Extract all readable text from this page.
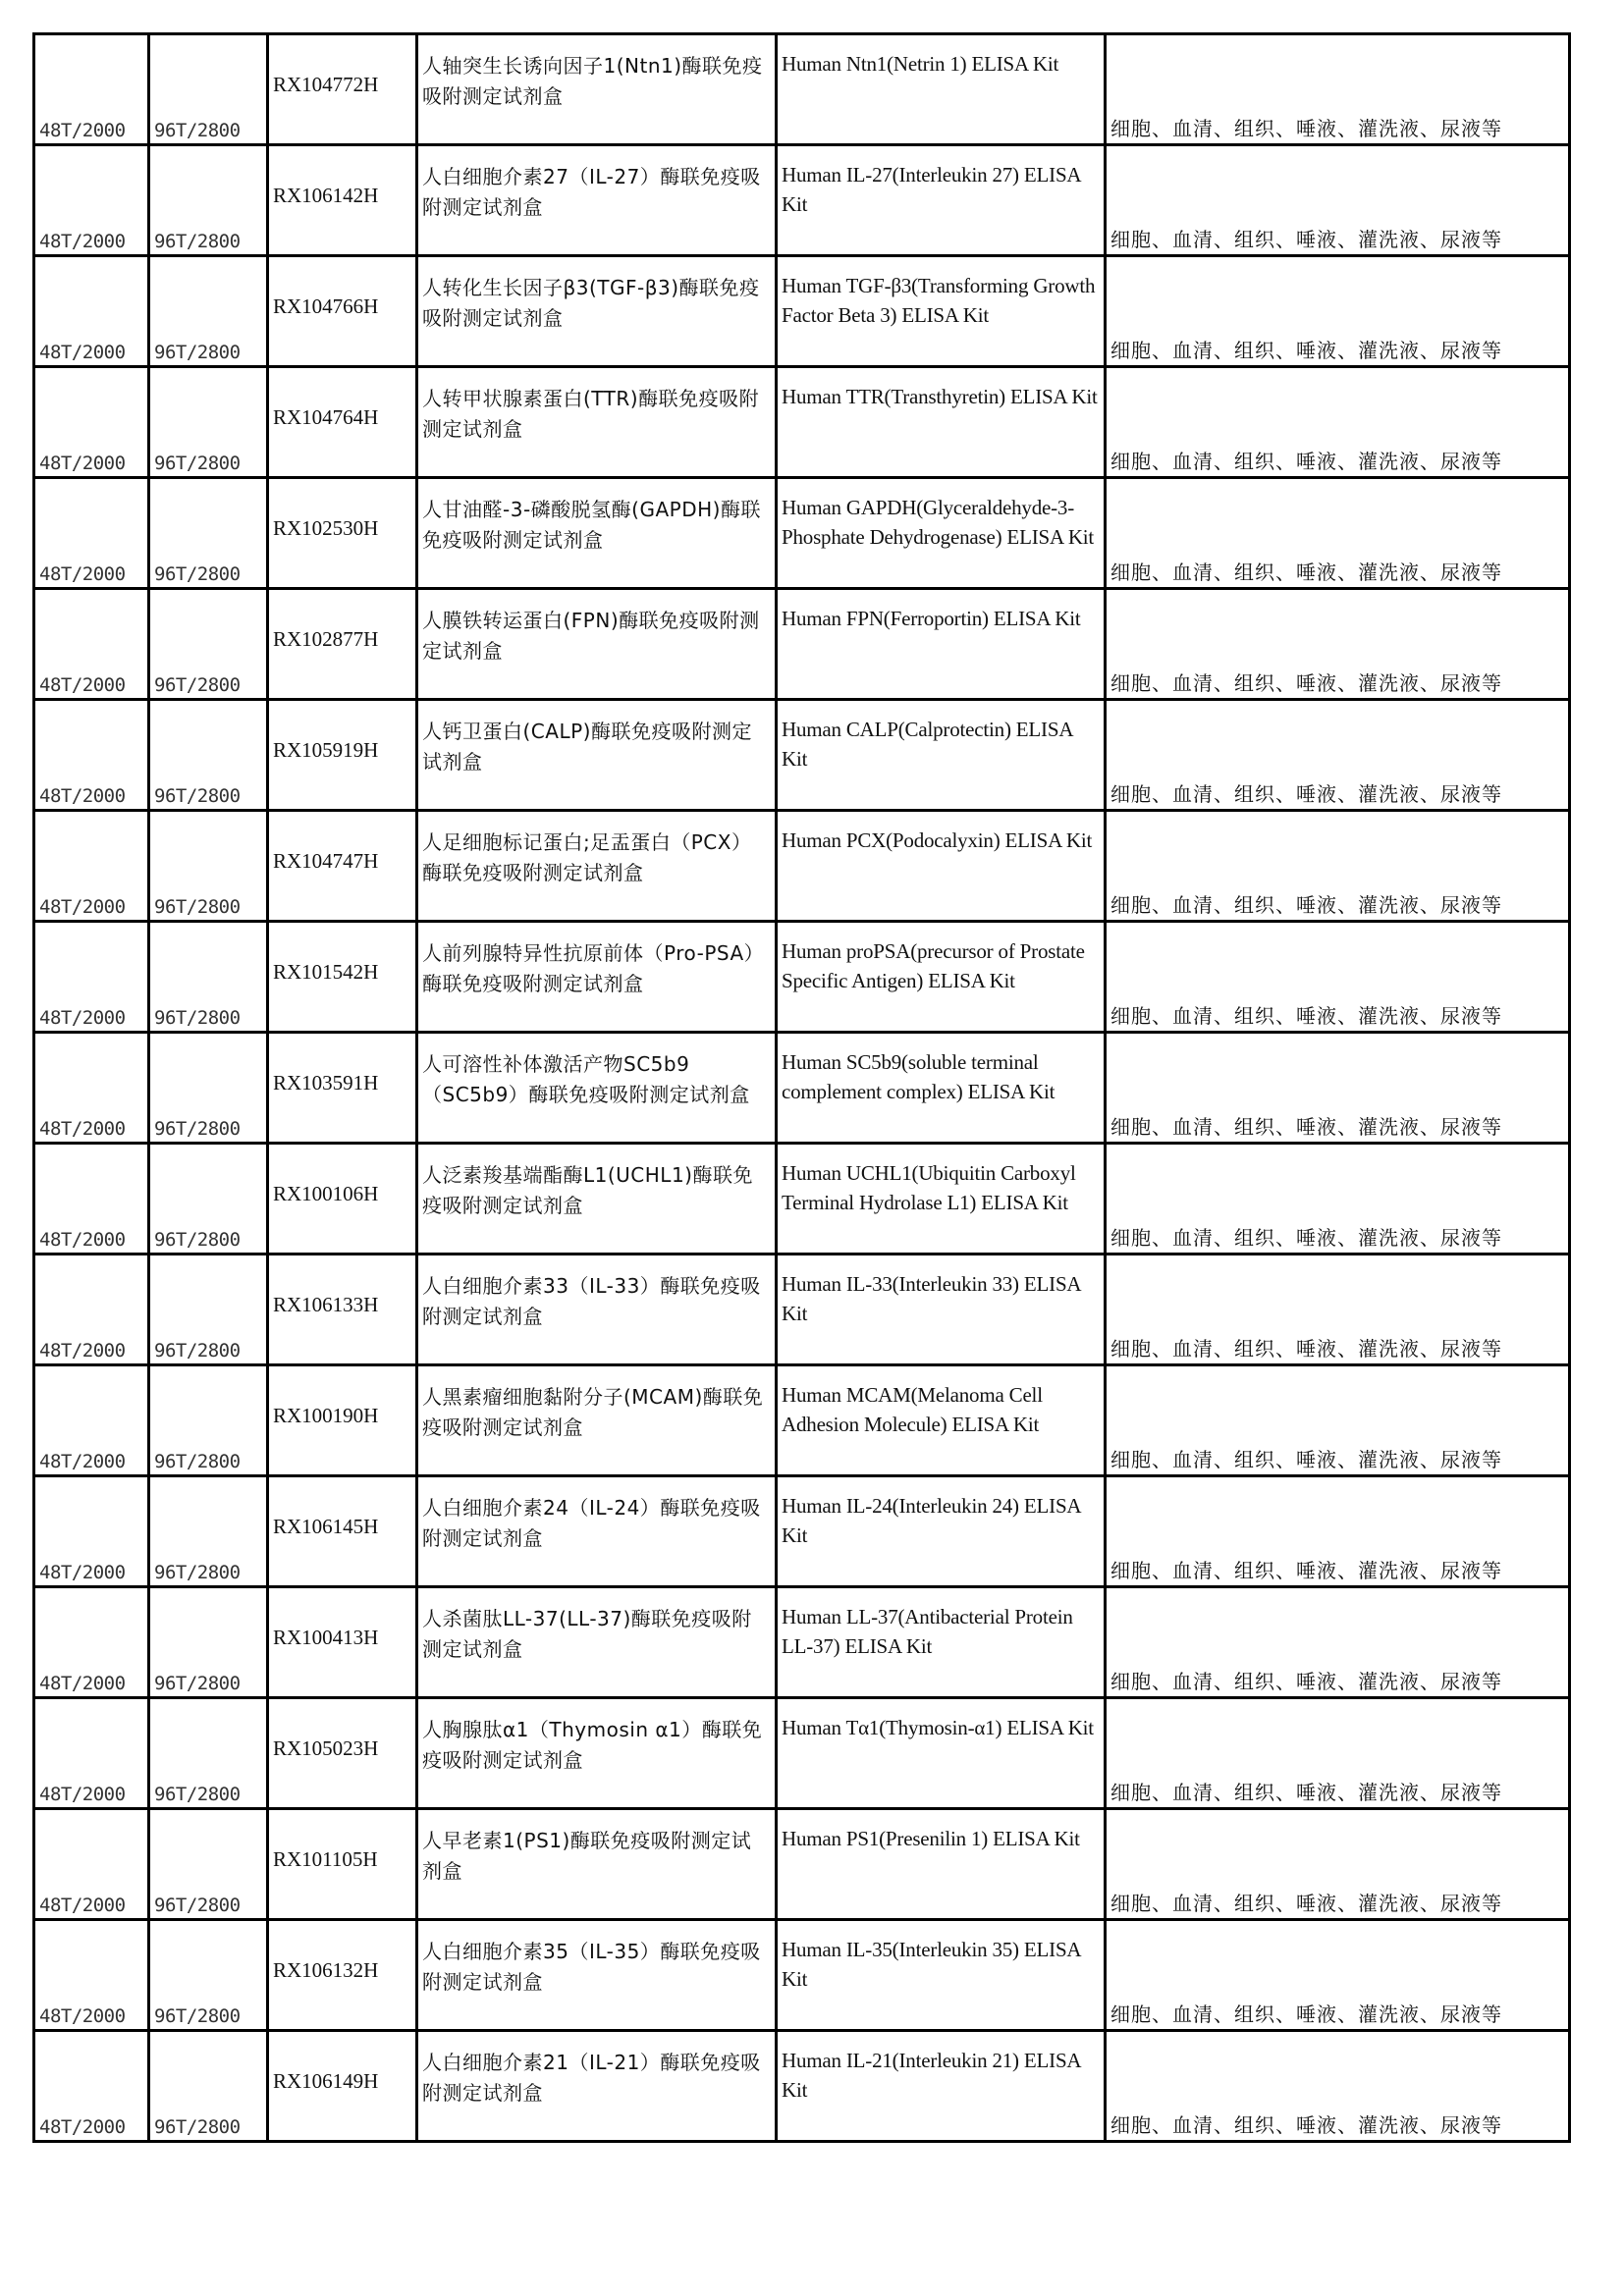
48T/2000	96T/2800	RX104772H	人轴突生长诱向因子1(Ntn1)酶联免疫吸附测定试剂盒	Human Ntn1(Netrin 1) ELISA Kit	细胞、血清、组织、唾液、灌洗液、尿液等

48T/2000	96T/2800	RX106142H	人白细胞介素27（IL-27）酶联免疫吸附测定试剂盒	Human IL-27(Interleukin 27) ELISA Kit	细胞、血清、组织、唾液、灌洗液、尿液等

48T/2000	96T/2800	RX104766H	人转化生长因子β3(TGF-β3)酶联免疫吸附测定试剂盒	Human TGF-β3(Transforming Growth Factor Beta 3) ELISA Kit	细胞、血清、组织、唾液、灌洗液、尿液等

48T/2000	96T/2800	RX104764H	人转甲状腺素蛋白(TTR)酶联免疫吸附测定试剂盒	Human TTR(Transthyretin) ELISA Kit	细胞、血清、组织、唾液、灌洗液、尿液等

48T/2000	96T/2800	RX102530H	人甘油醛-3-磷酸脱氢酶(GAPDH)酶联免疫吸附测定试剂盒	Human GAPDH(Glyceraldehyde-3-Phosphate Dehydrogenase) ELISA Kit	细胞、血清、组织、唾液、灌洗液、尿液等

48T/2000	96T/2800	RX102877H	人膜铁转运蛋白(FPN)酶联免疫吸附测定试剂盒	Human FPN(Ferroportin) ELISA Kit	细胞、血清、组织、唾液、灌洗液、尿液等

48T/2000	96T/2800	RX105919H	人钙卫蛋白(CALP)酶联免疫吸附测定试剂盒	Human CALP(Calprotectin) ELISA Kit	细胞、血清、组织、唾液、灌洗液、尿液等

48T/2000	96T/2800	RX104747H	人足细胞标记蛋白;足盂蛋白（PCX）酶联免疫吸附测定试剂盒	Human PCX(Podocalyxin) ELISA Kit	细胞、血清、组织、唾液、灌洗液、尿液等

48T/2000	96T/2800	RX101542H	人前列腺特异性抗原前体（Pro-PSA）酶联免疫吸附测定试剂盒	Human proPSA(precursor of Prostate Specific Antigen) ELISA Kit	细胞、血清、组织、唾液、灌洗液、尿液等

48T/2000	96T/2800	RX103591H	人可溶性补体激活产物SC5b9（SC5b9）酶联免疫吸附测定试剂盒	Human SC5b9(soluble terminal complement complex) ELISA Kit	细胞、血清、组织、唾液、灌洗液、尿液等

48T/2000	96T/2800	RX100106H	人泛素羧基端酯酶L1(UCHL1)酶联免疫吸附测定试剂盒	Human UCHL1(Ubiquitin Carboxyl Terminal Hydrolase L1) ELISA Kit	细胞、血清、组织、唾液、灌洗液、尿液等

48T/2000	96T/2800	RX106133H	人白细胞介素33（IL-33）酶联免疫吸附测定试剂盒	Human IL-33(Interleukin 33) ELISA Kit	细胞、血清、组织、唾液、灌洗液、尿液等

48T/2000	96T/2800	RX100190H	人黑素瘤细胞黏附分子(MCAM)酶联免疫吸附测定试剂盒	Human MCAM(Melanoma Cell Adhesion Molecule) ELISA Kit	细胞、血清、组织、唾液、灌洗液、尿液等

48T/2000	96T/2800	RX106145H	人白细胞介素24（IL-24）酶联免疫吸附测定试剂盒	Human IL-24(Interleukin 24) ELISA Kit	细胞、血清、组织、唾液、灌洗液、尿液等

48T/2000	96T/2800	RX100413H	人杀菌肽LL-37(LL-37)酶联免疫吸附测定试剂盒	Human LL-37(Antibacterial Protein LL-37) ELISA Kit	细胞、血清、组织、唾液、灌洗液、尿液等

48T/2000	96T/2800	RX105023H	人胸腺肽α1（Thymosin α1）酶联免疫吸附测定试剂盒	Human Tα1(Thymosin-α1) ELISA Kit	细胞、血清、组织、唾液、灌洗液、尿液等

48T/2000	96T/2800	RX101105H	人早老素1(PS1)酶联免疫吸附测定试剂盒	Human PS1(Presenilin 1) ELISA Kit	细胞、血清、组织、唾液、灌洗液、尿液等

48T/2000	96T/2800	RX106132H	人白细胞介素35（IL-35）酶联免疫吸附测定试剂盒	Human IL-35(Interleukin 35) ELISA Kit	细胞、血清、组织、唾液、灌洗液、尿液等

48T/2000	96T/2800	RX106149H	人白细胞介素21（IL-21）酶联免疫吸附测定试剂盒	Human IL-21(Interleukin 21) ELISA Kit	细胞、血清、组织、唾液、灌洗液、尿液等
